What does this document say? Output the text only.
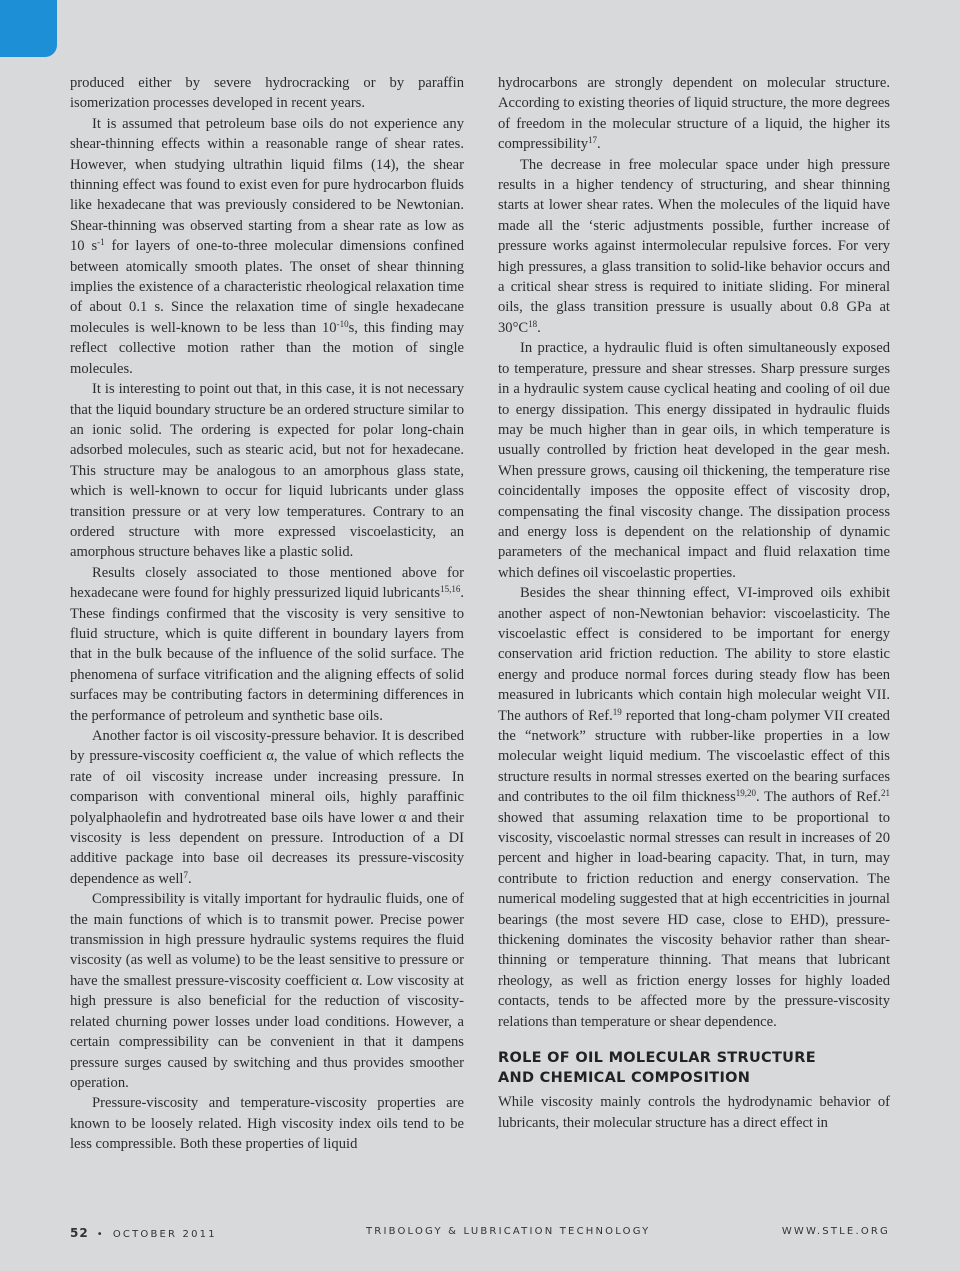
produced either by severe hydrocracking or by paraffin isomerization processes developed in recent years.

It is assumed that petroleum base oils do not experience any shear-thinning effects within a reasonable range of shear rates. However, when studying ultrathin liquid films (14), the shear thinning effect was found to exist even for pure hydrocarbon fluids like hexadecane that was previously considered to be Newtonian. Shear-thinning was observed starting from a shear rate as low as 10 $s^{-1}$ for layers of one-to-three molecular dimensions confined between atomically smooth plates. The onset of shear thinning implies the existence of a characteristic rheological relaxation time of about 0.1 s. Since the relaxation time of single hexadecane molecules is well-known to be less than $10^{-10}s$, this finding may reflect collective motion rather than the motion of single molecules.

It is interesting to point out that, in this case, it is not necessary that the liquid boundary structure be an ordered structure similar to an ionic solid. The ordering is expected for polar long-chain adsorbed molecules, such as stearic acid, but not for hexadecane. This structure may be analogous to an amorphous glass state, which is well-known to occur for liquid lubricants under glass transition pressure or at very low temperatures. Contrary to an ordered structure with more expressed viscoelasticity, an amorphous structure behaves like a plastic solid.

Results closely associated to those mentioned above for hexadecane were found for highly pressurized liquid lubricants$^{15,16}$. These findings confirmed that the viscosity is very sensitive to fluid structure, which is quite different in boundary layers from that in the bulk because of the influence of the solid surface. The phenomena of surface vitrification and the aligning effects of solid surfaces may be contributing factors in determining differences in the performance of petroleum and synthetic base oils.

Another factor is oil viscosity-pressure behavior. It is described by pressure-viscosity coefficient α, the value of which reflects the rate of oil viscosity increase under increasing pressure. In comparison with conventional mineral oils, highly paraffinic polyalphaolefin and hydrotreated base oils have lower α and their viscosity is less dependent on pressure. Introduction of a DI additive package into base oil decreases its pressure-viscosity dependence as well$^7$.

Compressibility is vitally important for hydraulic fluids, one of the main functions of which is to transmit power. Precise power transmission in high pressure hydraulic systems requires the fluid viscosity (as well as volume) to be the least sensitive to pressure or have the smallest pressure-viscosity coefficient α. Low viscosity at high pressure is also beneficial for the reduction of viscosity- related churning power losses under load conditions. However, a certain compressibility can be convenient in that it dampens pressure surges caused by switching and thus provides smoother operation.

Pressure-viscosity and temperature-viscosity properties are known to be loosely related. High viscosity index oils tend to be less compressible. Both these properties of liquid

hydrocarbons are strongly dependent on molecular structure. According to existing theories of liquid structure, the more degrees of freedom in the molecular structure of a liquid, the higher its compressibility$^{17}$.

The decrease in free molecular space under high pressure results in a higher tendency of structuring, and shear thinning starts at lower shear rates. When the molecules of the liquid have made all the ‘steric adjustments possible, further increase of pressure works against intermolecular repulsive forces. For very high pressures, a glass transition to solid-like behavior occurs and a critical shear stress is required to initiate sliding. For mineral oils, the glass transition pressure is usually about 0.8 GPa at $30^\circ C^{18}$.

In practice, a hydraulic fluid is often simultaneously exposed to temperature, pressure and shear stresses. Sharp pressure surges in a hydraulic system cause cyclical heating and cooling of oil due to energy dissipation. This energy dissipated in hydraulic fluids may be much higher than in gear oils, in which temperature is usually controlled by friction heat developed in the gear mesh. When pressure grows, causing oil thickening, the temperature rise coincidentally imposes the opposite effect of viscosity drop, compensating the final viscosity change. The dissipation process and energy loss is dependent on the relationship of dynamic parameters of the mechanical impact and fluid relaxation time which defines oil viscoelastic properties.

Besides the shear thinning effect, VI-improved oils exhibit another aspect of non-Newtonian behavior: viscoelasticity. The viscoelastic effect is considered to be important for energy conservation arid friction reduction. The ability to store elastic energy and produce normal forces during steady flow has been measured in lubricants which contain high molecular weight VII. The authors of Ref.$^{19}$ reported that long-cham polymer VII created the “network” structure with rubber-like properties in a low molecular weight liquid medium. The viscoelastic effect of this structure results in normal stresses exerted on the bearing surfaces and contributes to the oil film thickness$^{19,20}$. The authors of Ref.$^{21}$ showed that assuming relaxation time to be proportional to viscosity, viscoelastic normal stresses can result in increases of 20 percent and higher in load-bearing capacity. That, in turn, may contribute to friction reduction and energy conservation. The numerical modeling suggested that at high eccentricities in journal bearings (the most severe HD case, close to EHD), pressure-thickening dominates the viscosity behavior rather than shear-thinning or temperature thinning. That means that lubricant rheology, as well as friction energy losses for highly loaded contacts, tends to be affected more by the pressure-viscosity relations than temperature or shear dependence.

ROLE OF OIL MOLECULAR STRUCTURE
AND CHEMICAL COMPOSITION

While viscosity mainly controls the hydrodynamic behavior of lubricants, their molecular structure has a direct effect in

52 • OCTOBER 2011	TRIBOLOGY & LUBRICATION TECHNOLOGY	WWW.STLE.ORG
